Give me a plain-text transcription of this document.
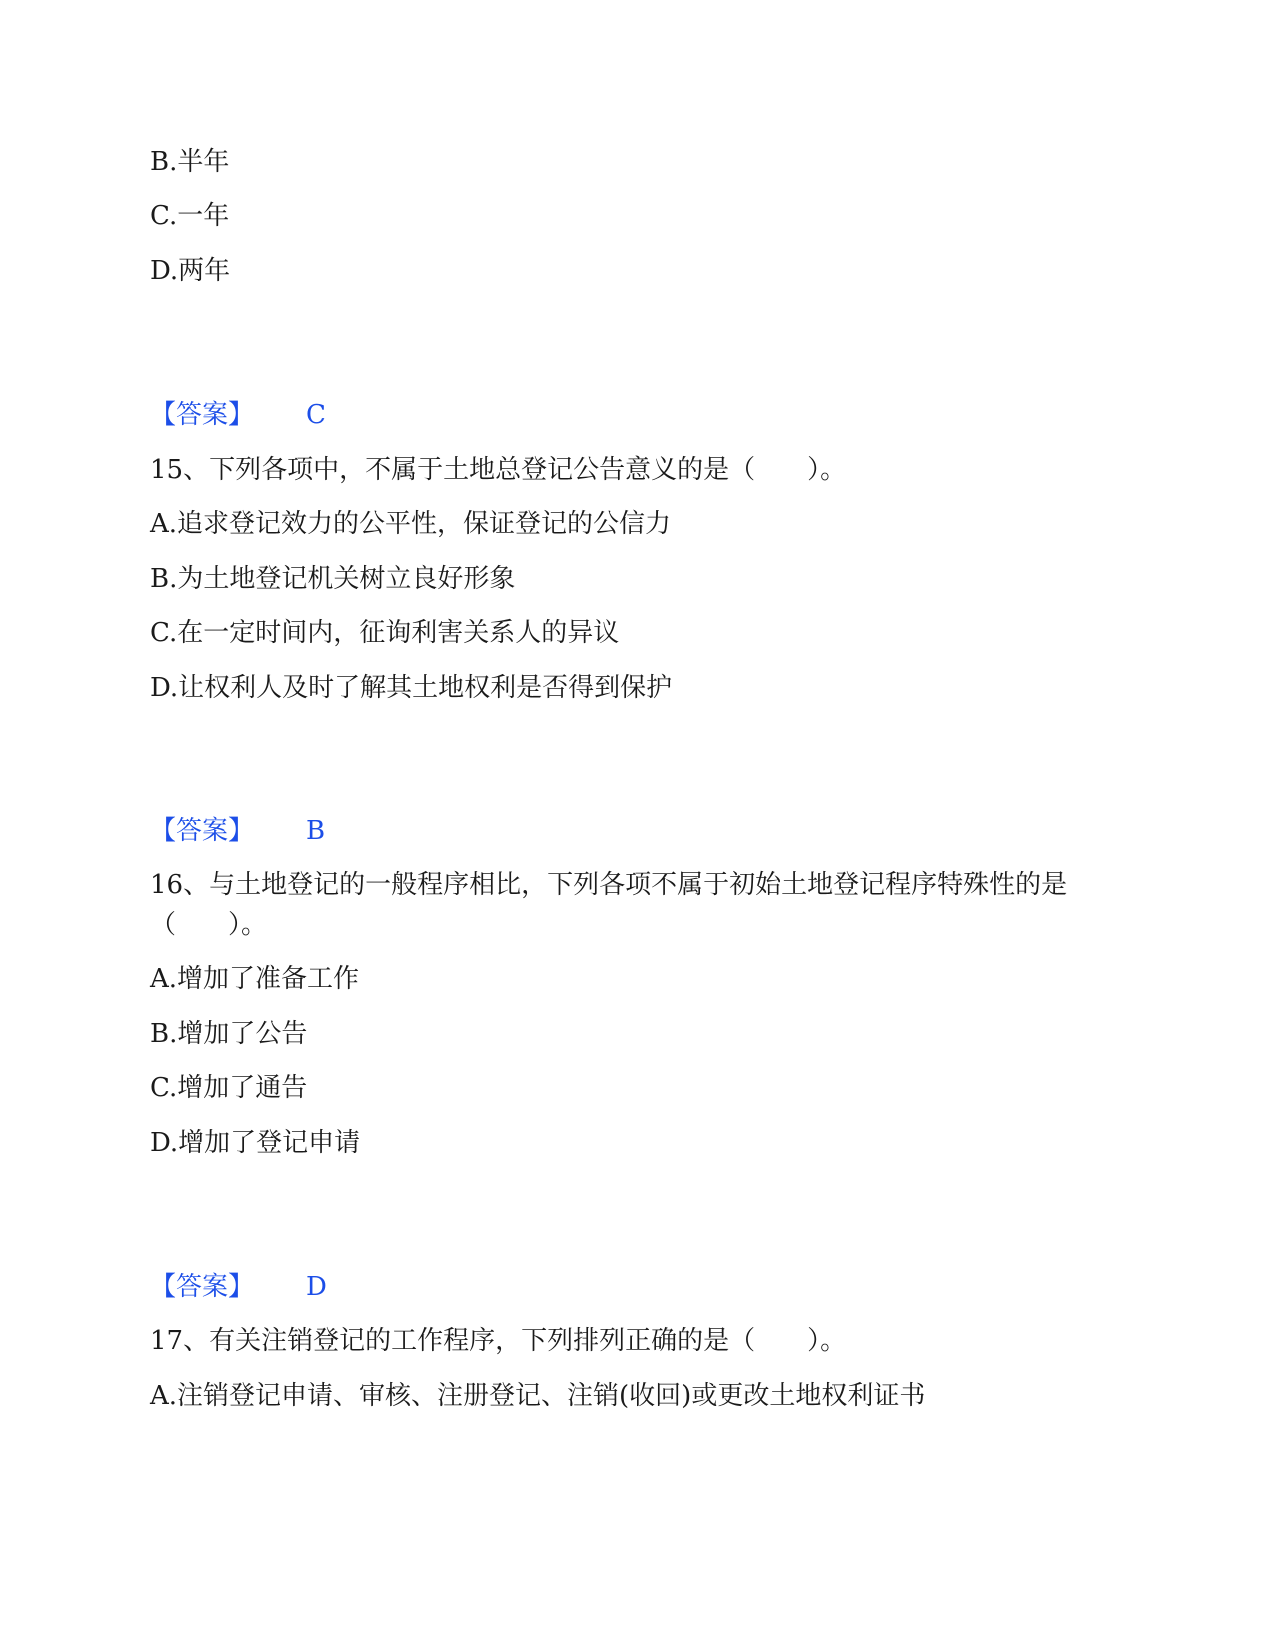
B.半年
C.一年
D.两年
【答案】 C
15、下列各项中，不属于土地总登记公告意义的是（　　）。
A.追求登记效力的公平性，保证登记的公信力
B.为土地登记机关树立良好形象
C.在一定时间内，征询利害关系人的异议
D.让权利人及时了解其土地权利是否得到保护
【答案】 B
16、与土地登记的一般程序相比，下列各项不属于初始土地登记程序特殊性的是（　　）。
A.增加了准备工作
B.增加了公告
C.增加了通告
D.增加了登记申请
【答案】 D
17、有关注销登记的工作程序，下列排列正确的是（　　）。
A.注销登记申请、审核、注册登记、注销(收回)或更改土地权利证书
